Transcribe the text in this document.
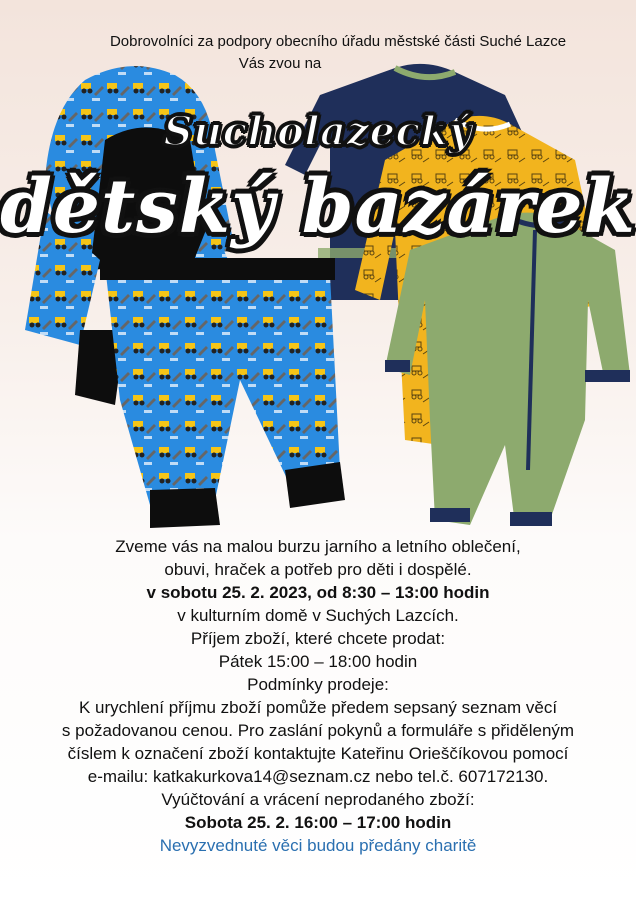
Dobrovolníci za podpory obecního úřadu městské části Suché Lazce
Vás zvou na
Sucholazecký
dětský bazárek
Zveme vás na malou burzu jarního a letního oblečení,
obuvi, hraček a potřeb pro děti i dospělé.
v sobotu 25. 2. 2023, od 8:30 – 13:00 hodin
v kulturním domě v Suchých Lazcích.
Příjem zboží, které chcete prodat:
Pátek 15:00 – 18:00 hodin
Podmínky prodeje:
K urychlení příjmu zboží pomůže předem sepsaný seznam věcí
s požadovanou cenou. Pro zaslání pokynů a formuláře s přiděleným
číslem k označení zboží kontaktujte Kateřinu Orieščíkovou pomocí
e-mailu: katkakurkova14@seznam.cz nebo tel.č. 607172130.
Vyúčtování a vrácení neprodaného zboží:
Sobota 25. 2. 16:00 – 17:00 hodin
Nevyzvednuté věci budou předány charitě
